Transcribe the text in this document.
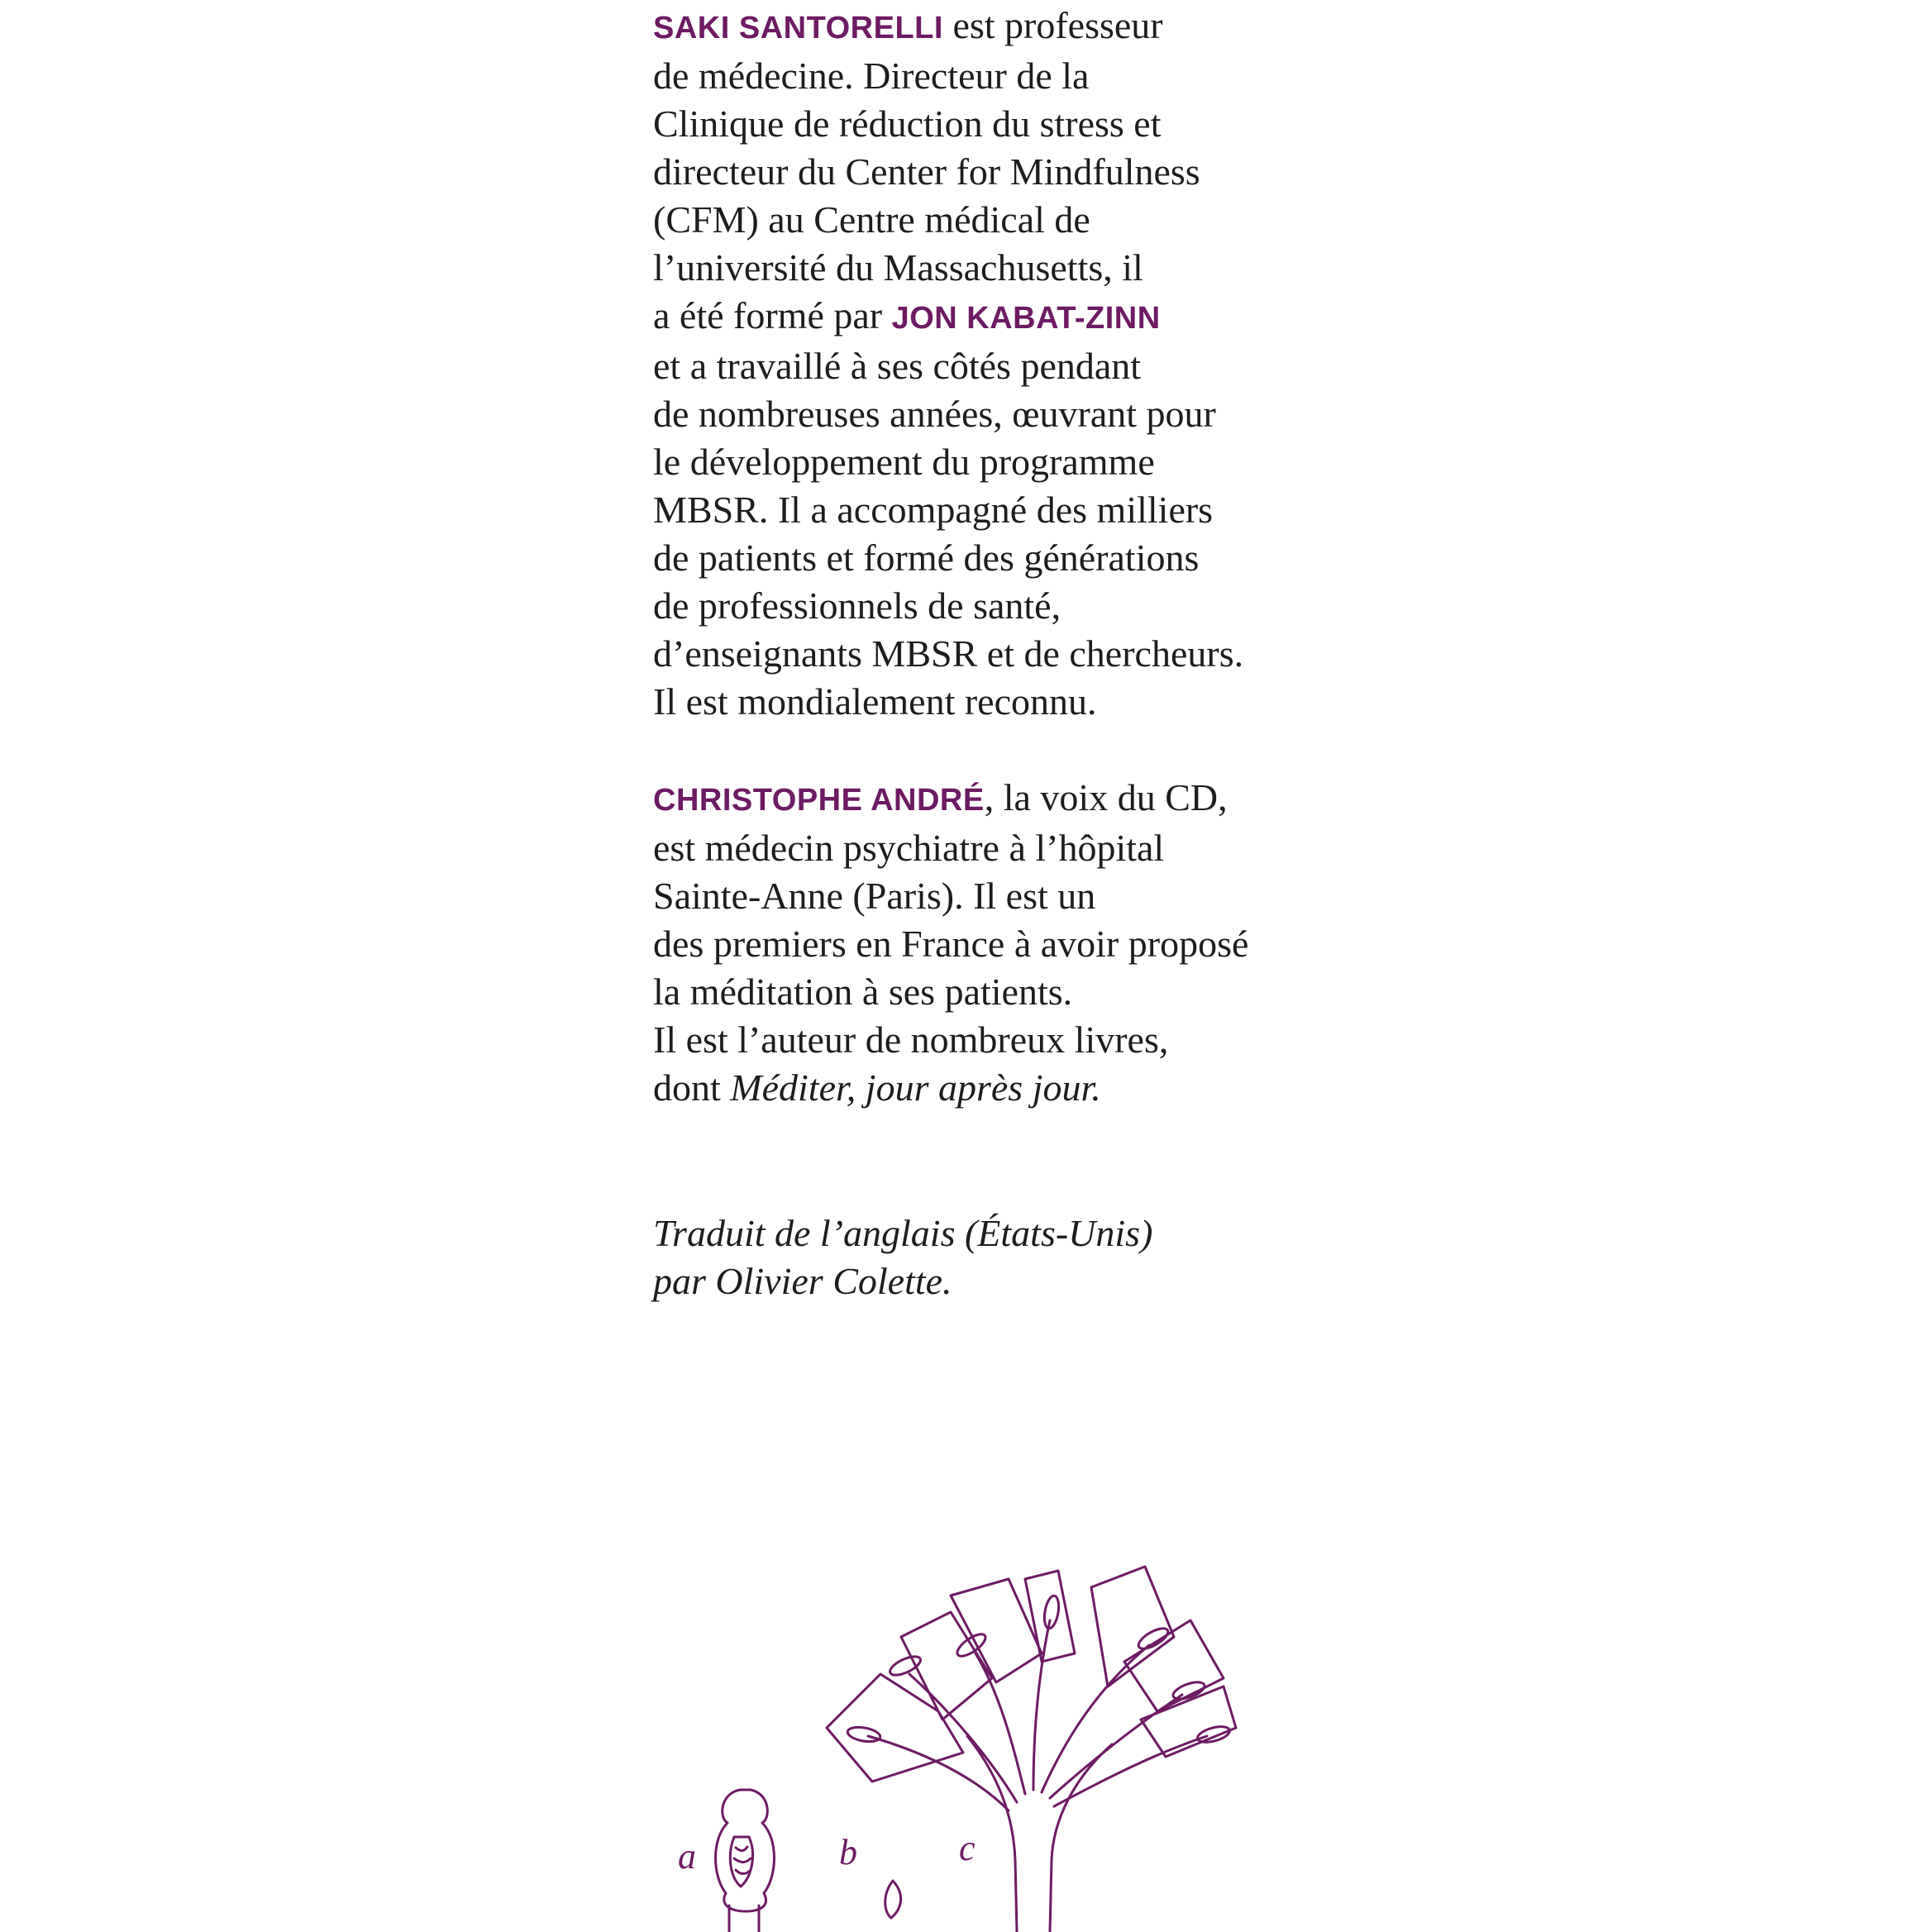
SAKI SANTORELLI est professeur
de médecine. Directeur de la
Clinique de réduction du stress et
directeur du Center for Mindfulness
(CFM) au Centre médical de
l’université du Massachusetts, il
a été formé par JON KABAT-ZINN
et a travaillé à ses côtés pendant
de nombreuses années, œuvrant pour
le développement du programme
MBSR. Il a accompagné des milliers
de patients et formé des générations
de professionnels de santé,
d’enseignants MBSR et de chercheurs.
Il est mondialement reconnu.

CHRISTOPHE ANDRÉ, la voix du CD,
est médecin psychiatre à l’hôpital
Sainte-Anne (Paris). Il est un
des premiers en France à avoir proposé
la méditation à ses patients.
Il est l’auteur de nombreux livres,
dont Méditer, jour après jour.

Traduit de l’anglais (États-Unis)
par Olivier Colette.

a	b	c
